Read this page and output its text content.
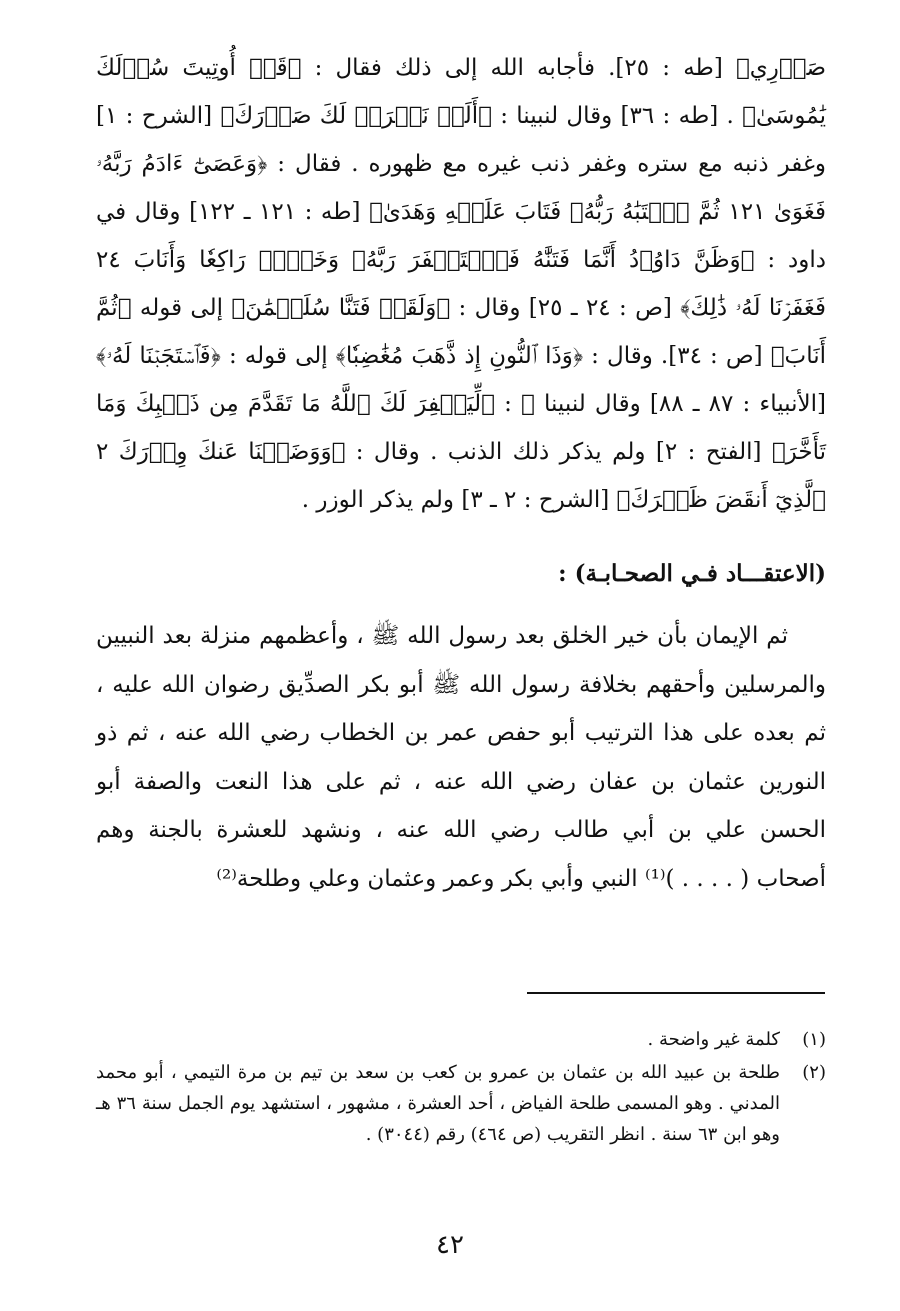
صَدۡرِي﴾ [طه : ٢٥]. فأجابه الله إلى ذلك فقال : ﴿قَدۡ أُوتِيتَ سُؤۡلَكَ يَٰمُوسَىٰ﴾ . [طه : ٣٦] وقال لنبينا : ﴿أَلَمۡ نَشۡرَحۡ لَكَ صَدۡرَكَ﴾ [الشرح : ١] وغفر ذنبه مع ستره وغفر ذنب غيره مع ظهوره . فقال : ﴿وَعَصَىٰٓ ءَادَمُ رَبَّهُۥ فَغَوَىٰ ١٢١ ثُمَّ ٱجۡتَبَٰهُ رَبُّهُۥ فَتَابَ عَلَيۡهِ وَهَدَىٰ﴾ [طه : ١٢١ ـ ١٢٢] وقال في داود : ﴿وَظَنَّ دَاوُۥدُ أَنَّمَا فَتَنَّٰهُ فَٱسۡتَغۡفَرَ رَبَّهُۥ وَخَرَّۤ رَاكِعٗا وَأَنَابَ ٢٤ فَغَفَرۡنَا لَهُۥ ذَٰلِكَ﴾ [ص : ٢٤ ـ ٢٥] وقال : ﴿وَلَقَدۡ فَتَنَّا سُلَيۡمَٰنَ﴾ إلى قوله ﴿ثُمَّ أَنَابَ﴾ [ص : ٣٤]. وقال : ﴿وَذَا ٱلنُّونِ إِذ ذَّهَبَ مُغَٰضِبٗا﴾ إلى قوله : ﴿فَٱسۡتَجَبۡنَا لَهُۥ﴾ [الأنبياء : ٨٧ ـ ٨٨] وقال لنبينا ﷺ : ﴿لِّيَغۡفِرَ لَكَ ٱللَّهُ مَا تَقَدَّمَ مِن ذَنۢبِكَ وَمَا تَأَخَّرَ﴾ [الفتح : ٢] ولم يذكر ذلك الذنب . وقال : ﴿وَوَضَعۡنَا عَنكَ وِزۡرَكَ ٢ ٱلَّذِيٓ أَنقَضَ ظَهۡرَكَ﴾ [الشرح : ٢ ـ ٣] ولم يذكر الوزر .

(الاعتقـــاد فـي الصحـابـة) :

ثم الإيمان بأن خير الخلق بعد رسول الله ﷺ ، وأعظمهم منزلة بعد النبيين والمرسلين وأحقهم بخلافة رسول الله ﷺ أبو بكر الصدِّيق رضوان الله عليه ، ثم بعده على هذا الترتيب أبو حفص عمر بن الخطاب رضي الله عنه ، ثم ذو النورين عثمان بن عفان رضي الله عنه ، ثم على هذا النعت والصفة أبو الحسن علي بن أبي طالب رضي الله عنه ، ونشهد للعشرة بالجنة وهم أصحاب ( . . . . )⁽¹⁾ النبي وأبي بكر وعمر وعثمان وعلي وطلحة⁽²⁾

(١)
كلمة غير واضحة .
(٢)
طلحة بن عبيد الله بن عثمان بن عمرو بن كعب بن سعد بن تيم بن مرة التيمي ، أبو محمد المدني . وهو المسمى طلحة الفياض ، أحد العشرة ، مشهور ، استشهد يوم الجمل سنة ٣٦ هـ وهو ابن ٦٣ سنة . انظر التقريب (ص ٤٦٤) رقم (٣٠٤٤) .
٤٢
